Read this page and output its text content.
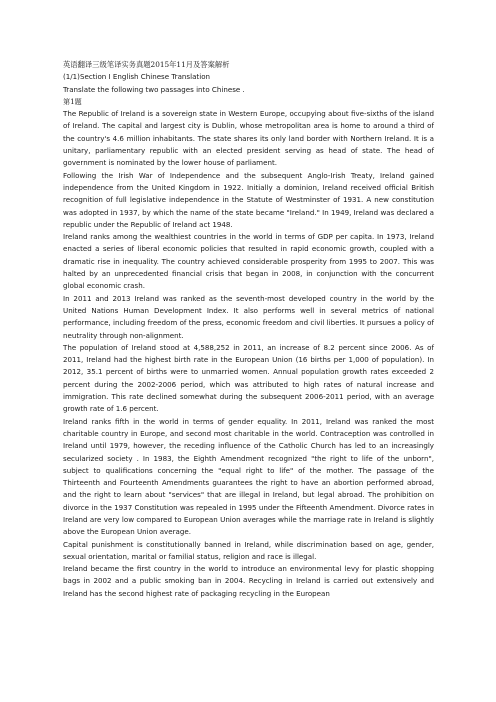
英语翻译三级笔译实务真题2015年11月及答案解析

(1/1)Section Ⅰ English Chinese Translation

Translate the following two passages into Chinese .

第1题

The Republic of Ireland is a sovereign state in Western Europe, occupying about five-sixths of the island of Ireland. The capital and largest city is Dublin, whose metropolitan area is home to around a third of the country's 4.6 million inhabitants. The state shares its only land border with Northern Ireland. It is a unitary, parliamentary republic with an elected president serving as head of state. The head of government is nominated by the lower house of parliament.

Following the Irish War of Independence and the subsequent Anglo-Irish Treaty, Ireland gained independence from the United Kingdom in 1922. Initially a dominion, Ireland received official British recognition of full legislative independence in the Statute of Westminster of 1931. A new constitution was adopted in 1937, by which the name of the state became "Ireland." In 1949, Ireland was declared a republic under the Republic of Ireland act 1948.

Ireland ranks among the wealthiest countries in the world in terms of GDP per capita. In 1973, Ireland enacted a series of liberal economic policies that resulted in rapid economic growth, coupled with a dramatic rise in inequality. The country achieved considerable prosperity from 1995 to 2007. This was halted by an unprecedented financial crisis that began in 2008, in conjunction with the concurrent global economic crash.

In 2011 and 2013 Ireland was ranked as the seventh-most developed country in the world by the United Nations Human Development Index. It also performs well in several metrics of national performance, including freedom of the press, economic freedom and civil liberties. It pursues a policy of neutrality through non-alignment.

The population of Ireland stood at 4,588,252 in 2011, an increase of 8.2 percent since 2006. As of 2011, Ireland had the highest birth rate in the European Union (16 births per 1,000 of population). In 2012, 35.1 percent of births were to unmarried women. Annual population growth rates exceeded 2 percent during the 2002-2006 period, which was attributed to high rates of natural increase and immigration. This rate declined somewhat during the subsequent 2006-2011 period, with an average growth rate of 1.6 percent.

Ireland ranks fifth in the world in terms of gender equality. In 2011, Ireland was ranked the most charitable country in Europe, and second most charitable in the world. Contraception was controlled in Ireland until 1979, however, the receding influence of the Catholic Church has led to an increasingly secularized society . In 1983, the Eighth Amendment recognized "the right to life of the unborn", subject to qualifications concerning the "equal right to life" of the mother. The passage of the Thirteenth and Fourteenth Amendments guarantees the right to have an abortion performed abroad, and the right to learn about "services" that are illegal in Ireland, but legal abroad. The prohibition on divorce in the 1937 Constitution was repealed in 1995 under the Fifteenth Amendment. Divorce rates in Ireland are very low compared to European Union averages while the marriage rate in Ireland is slightly above the European Union average.

Capital punishment is constitutionally banned in Ireland, while discrimination based on age, gender, sexual orientation, marital or familial status, religion and race is illegal.

Ireland became the first country in the world to introduce an environmental levy for plastic shopping bags in 2002 and a public smoking ban in 2004. Recycling in Ireland is carried out extensively and Ireland has the second highest rate of packaging recycling in the European
